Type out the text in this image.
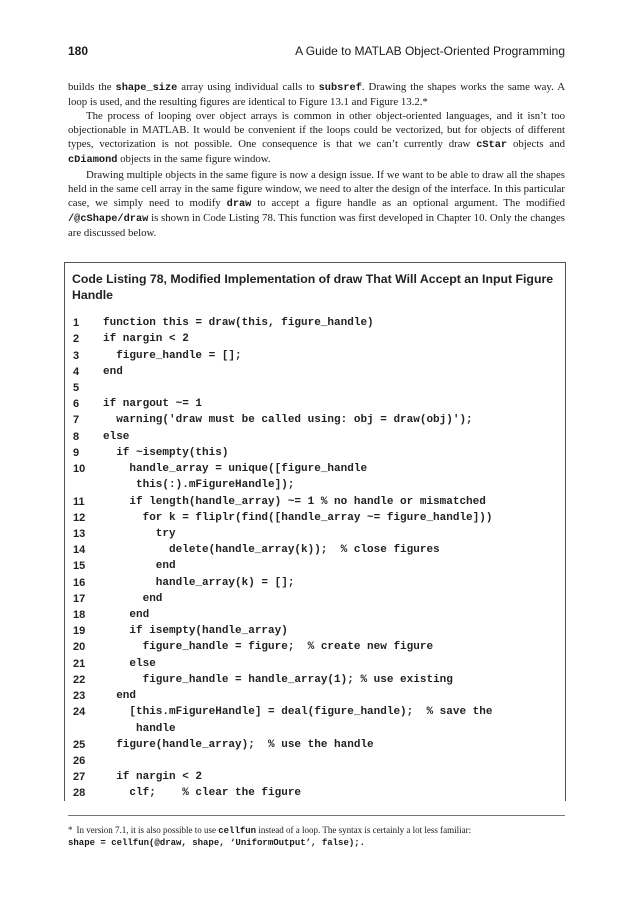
180	A Guide to MATLAB Object-Oriented Programming

builds the shape_size array using individual calls to subsref. Drawing the shapes works the same way. A loop is used, and the resulting figures are identical to Figure 13.1 and Figure 13.2.*

The process of looping over object arrays is common in other object-oriented languages, and it isn’t too objectionable in MATLAB. It would be convenient if the loops could be vectorized, but for objects of different types, vectorization is not possible. One consequence is that we can’t currently draw cStar objects and cDiamond objects in the same figure window.

Drawing multiple objects in the same figure is now a design issue. If we want to be able to draw all the shapes held in the same cell array in the same figure window, we need to alter the design of the interface. In this particular case, we simply need to modify draw to accept a figure handle as an optional argument. The modified /@cShape/draw is shown in Code Listing 78. This function was first developed in Chapter 10. Only the changes are discussed below.

Code Listing 78, Modified Implementation of draw That Will Accept an Input Figure Handle
1	function this = draw(this, figure_handle)
2	if nargin < 2
3	figure_handle = [];
4	end
5
6	if nargout ~= 1
7	warning('draw must be called using: obj = draw(obj)');
8	else
9	if ~isempty(this)
10	handle_array = unique([figure_handle
this(:).mFigureHandle]);
11	if length(handle_array) ~= 1 % no handle or mismatched
12	for k = fliplr(find([handle_array ~= figure_handle]))
13	try
14	delete(handle_array(k));  % close figures
15	end
16	handle_array(k) = [];
17	end
18	end
19	if isempty(handle_array)
20	figure_handle = figure;  % create new figure
21	else
22	figure_handle = handle_array(1); % use existing
23	end
24	[this.mFigureHandle] = deal(figure_handle);  % save the
handle
25	figure(handle_array);  % use the handle
26
27	if nargin < 2
28	clf;    % clear the figure
* In version 7.1, it is also possible to use cellfun instead of a loop. The syntax is certainly a lot less familiar:
shape = cellfun(@draw, shape, ‘UniformOutput’, false);.
